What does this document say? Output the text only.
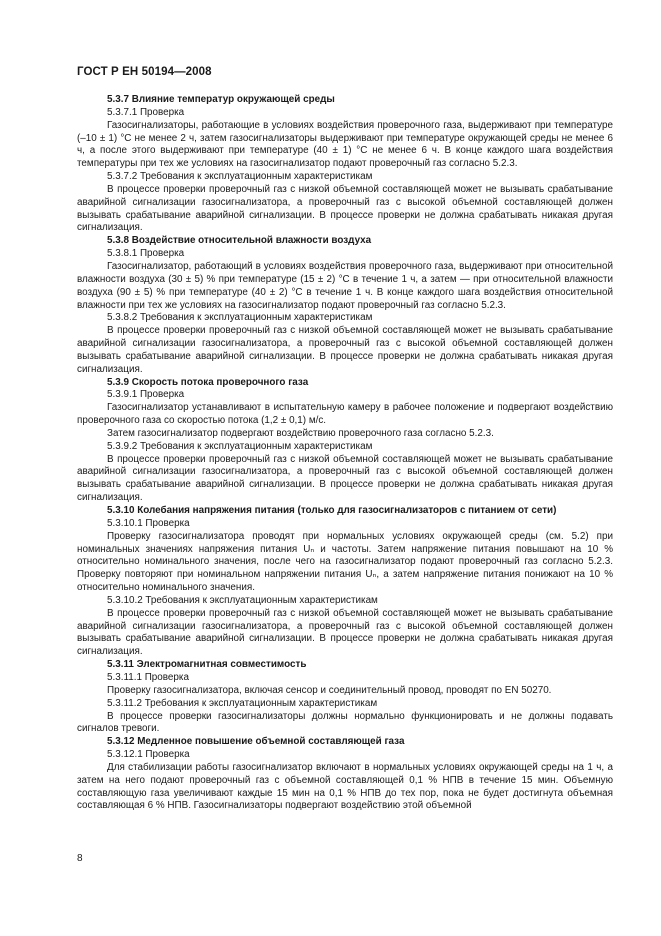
ГОСТ Р ЕН 50194—2008

5.3.7 Влияние температур окружающей среды

5.3.7.1 Проверка

Газосигнализаторы, работающие в условиях воздействия проверочного газа, выдерживают при температуре (–10 ± 1) °С не менее 2 ч, затем газосигнализаторы выдерживают при температуре окружающей среды не менее 6 ч, а после этого выдерживают при температуре (40 ± 1) °С не менее 6 ч. В конце каждого шага воздействия температуры при тех же условиях на газосигнализатор подают проверочный газ согласно 5.2.3.

5.3.7.2 Требования к эксплуатационным характеристикам

В процессе проверки проверочный газ с низкой объемной составляющей может не вызывать срабатывание аварийной сигнализации газосигнализатора, а проверочный газ с высокой объемной составляющей должен вызывать срабатывание аварийной сигнализации. В процессе проверки не должна срабатывать никакая другая сигнализация.

5.3.8 Воздействие относительной влажности воздуха

5.3.8.1 Проверка

Газосигнализатор, работающий в условиях воздействия проверочного газа, выдерживают при относительной влажности воздуха (30 ± 5) % при температуре (15 ± 2) °С в течение 1 ч, а затем — при относительной влажности воздуха (90 ± 5) % при температуре (40 ± 2) °С в течение 1 ч. В конце каждого шага воздействия относительной влажности при тех же условиях на газосигнализатор подают проверочный газ согласно 5.2.3.

5.3.8.2 Требования к эксплуатационным характеристикам

В процессе проверки проверочный газ с низкой объемной составляющей может не вызывать срабатывание аварийной сигнализации газосигнализатора, а проверочный газ с высокой объемной составляющей должен вызывать срабатывание аварийной сигнализации. В процессе проверки не должна срабатывать никакая другая сигнализация.

5.3.9 Скорость потока проверочного газа

5.3.9.1 Проверка

Газосигнализатор устанавливают в испытательную камеру в рабочее положение и подвергают воздействию проверочного газа со скоростью потока (1,2 ± 0,1) м/с.

Затем газосигнализатор подвергают воздействию проверочного газа согласно 5.2.3.

5.3.9.2 Требования к эксплуатационным характеристикам

В процессе проверки проверочный газ с низкой объемной составляющей может не вызывать срабатывание аварийной сигнализации газосигнализатора, а проверочный газ с высокой объемной составляющей должен вызывать срабатывание аварийной сигнализации. В процессе проверки не должна срабатывать никакая другая сигнализация.

5.3.10 Колебания напряжения питания (только для газосигнализаторов с питанием от сети)

5.3.10.1 Проверка

Проверку газосигнализатора проводят при нормальных условиях окружающей среды (см. 5.2) при номинальных значениях напряжения питания Uₙ и частоты. Затем напряжение питания повышают на 10 % относительно номинального значения, после чего на газосигнализатор подают проверочный газ согласно 5.2.3. Проверку повторяют при номинальном напряжении питания Uₙ, а затем напряжение питания понижают на 10 % относительно номинального значения.

5.3.10.2 Требования к эксплуатационным характеристикам

В процессе проверки проверочный газ с низкой объемной составляющей может не вызывать срабатывание аварийной сигнализации газосигнализатора, а проверочный газ с высокой объемной составляющей должен вызывать срабатывание аварийной сигнализации. В процессе проверки не должна срабатывать никакая другая сигнализация.

5.3.11 Электромагнитная совместимость

5.3.11.1 Проверка

Проверку газосигнализатора, включая сенсор и соединительный провод, проводят по EN 50270.

5.3.11.2 Требования к эксплуатационным характеристикам

В процессе проверки газосигнализаторы должны нормально функционировать и не должны подавать сигналов тревоги.

5.3.12 Медленное повышение объемной составляющей газа

5.3.12.1 Проверка

Для стабилизации работы газосигнализатор включают в нормальных условиях окружающей среды на 1 ч, а затем на него подают проверочный газ с объемной составляющей 0,1 % НПВ в течение 15 мин. Объемную составляющую газа увеличивают каждые 15 мин на 0,1 % НПВ до тех пор, пока не будет достигнута объемная составляющая 6 % НПВ. Газосигнализаторы подвергают воздействию этой объемной

8
